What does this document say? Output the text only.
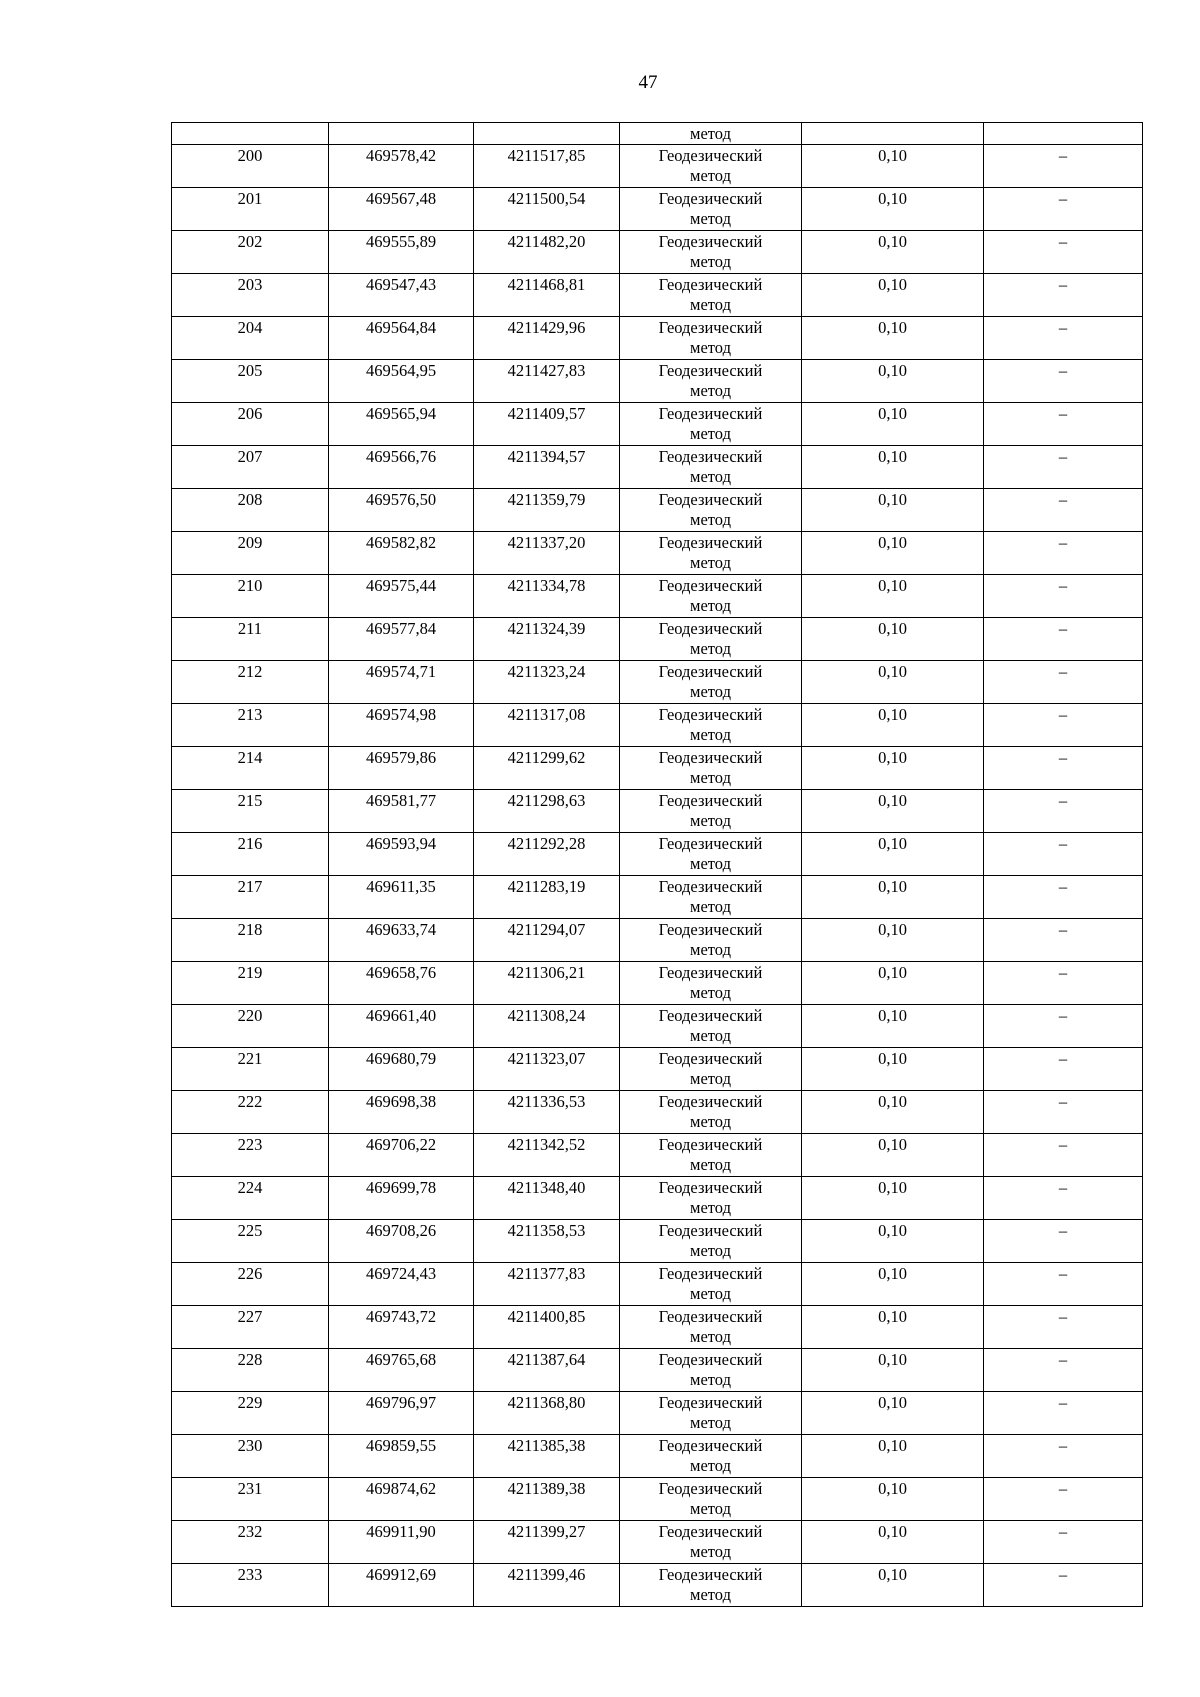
47
			метод		

200	469578,42	4211517,85	Геодезический
метод	0,10	–

201	469567,48	4211500,54	Геодезический
метод	0,10	–

202	469555,89	4211482,20	Геодезический
метод	0,10	–

203	469547,43	4211468,81	Геодезический
метод	0,10	–

204	469564,84	4211429,96	Геодезический
метод	0,10	–

205	469564,95	4211427,83	Геодезический
метод	0,10	–

206	469565,94	4211409,57	Геодезический
метод	0,10	–

207	469566,76	4211394,57	Геодезический
метод	0,10	–

208	469576,50	4211359,79	Геодезический
метод	0,10	–

209	469582,82	4211337,20	Геодезический
метод	0,10	–

210	469575,44	4211334,78	Геодезический
метод	0,10	–

211	469577,84	4211324,39	Геодезический
метод	0,10	–

212	469574,71	4211323,24	Геодезический
метод	0,10	–

213	469574,98	4211317,08	Геодезический
метод	0,10	–

214	469579,86	4211299,62	Геодезический
метод	0,10	–

215	469581,77	4211298,63	Геодезический
метод	0,10	–

216	469593,94	4211292,28	Геодезический
метод	0,10	–

217	469611,35	4211283,19	Геодезический
метод	0,10	–

218	469633,74	4211294,07	Геодезический
метод	0,10	–

219	469658,76	4211306,21	Геодезический
метод	0,10	–

220	469661,40	4211308,24	Геодезический
метод	0,10	–

221	469680,79	4211323,07	Геодезический
метод	0,10	–

222	469698,38	4211336,53	Геодезический
метод	0,10	–

223	469706,22	4211342,52	Геодезический
метод	0,10	–

224	469699,78	4211348,40	Геодезический
метод	0,10	–

225	469708,26	4211358,53	Геодезический
метод	0,10	–

226	469724,43	4211377,83	Геодезический
метод	0,10	–

227	469743,72	4211400,85	Геодезический
метод	0,10	–

228	469765,68	4211387,64	Геодезический
метод	0,10	–

229	469796,97	4211368,80	Геодезический
метод	0,10	–

230	469859,55	4211385,38	Геодезический
метод	0,10	–

231	469874,62	4211389,38	Геодезический
метод	0,10	–

232	469911,90	4211399,27	Геодезический
метод	0,10	–

233	469912,69	4211399,46	Геодезический
метод	0,10	–
